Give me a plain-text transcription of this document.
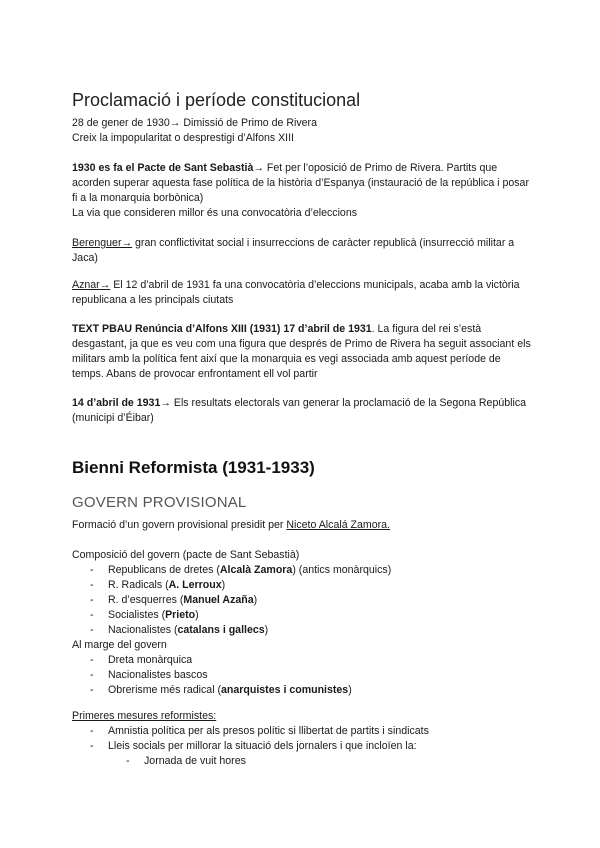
Proclamació i període constitucional
28 de gener de 1930→ Dimissió de Primo de Rivera
Creix la impopularitat o desprestigi d’Alfons XIII
1930 es fa el Pacte de Sant Sebastià→ Fet per l’oposició de Primo de Rivera. Partits que acorden superar aquesta fase política de la història d’Espanya (instauració de la república i posar fi a la monarquia borbònica)
La via que consideren millor és una convocatòria d’eleccions
Berenguer→ gran conflictivitat social i insurreccions de caràcter republicà (insurrecció militar a Jaca)
Aznar→ El 12 d’abril de 1931 fa una convocatòria d’eleccions municipals, acaba amb la victòria republicana a les principals ciutats
TEXT PBAU Renúncia d’Alfons XIII (1931) 17 d’abril de 1931. La figura del rei s’està desgastant, ja que es veu com una figura que després de Primo de Rivera ha seguit associant els militars amb la política fent així que la monarquia es vegi associada amb aquest període de temps. Abans de provocar enfrontament ell vol partir
14 d’abril de 1931→ Els resultats electorals van generar la proclamació de la Segona República (municipi d’Éibar)
Bienni Reformista (1931-1933)
GOVERN PROVISIONAL
Formació d’un govern provisional presidit per Niceto Alcalá Zamora.
Composició del govern (pacte de Sant Sebastià)
- Republicans de dretes (Alcalà Zamora) (antics monàrquics)
- R. Radicals (A. Lerroux)
- R. d’esquerres (Manuel Azaña)
- Socialistes (Prieto)
- Nacionalistes (catalans i gallecs)
Al marge del govern
- Dreta monàrquica
- Nacionalistes bascos
- Obrerisme més radical (anarquistes i comunistes)
Primeres mesures reformistes:
- Amnistia política per als presos polític si llibertat de partits i sindicats
- Lleis socials per millorar la situació dels jornalers i que incloïen la:
- Jornada de vuit hores
